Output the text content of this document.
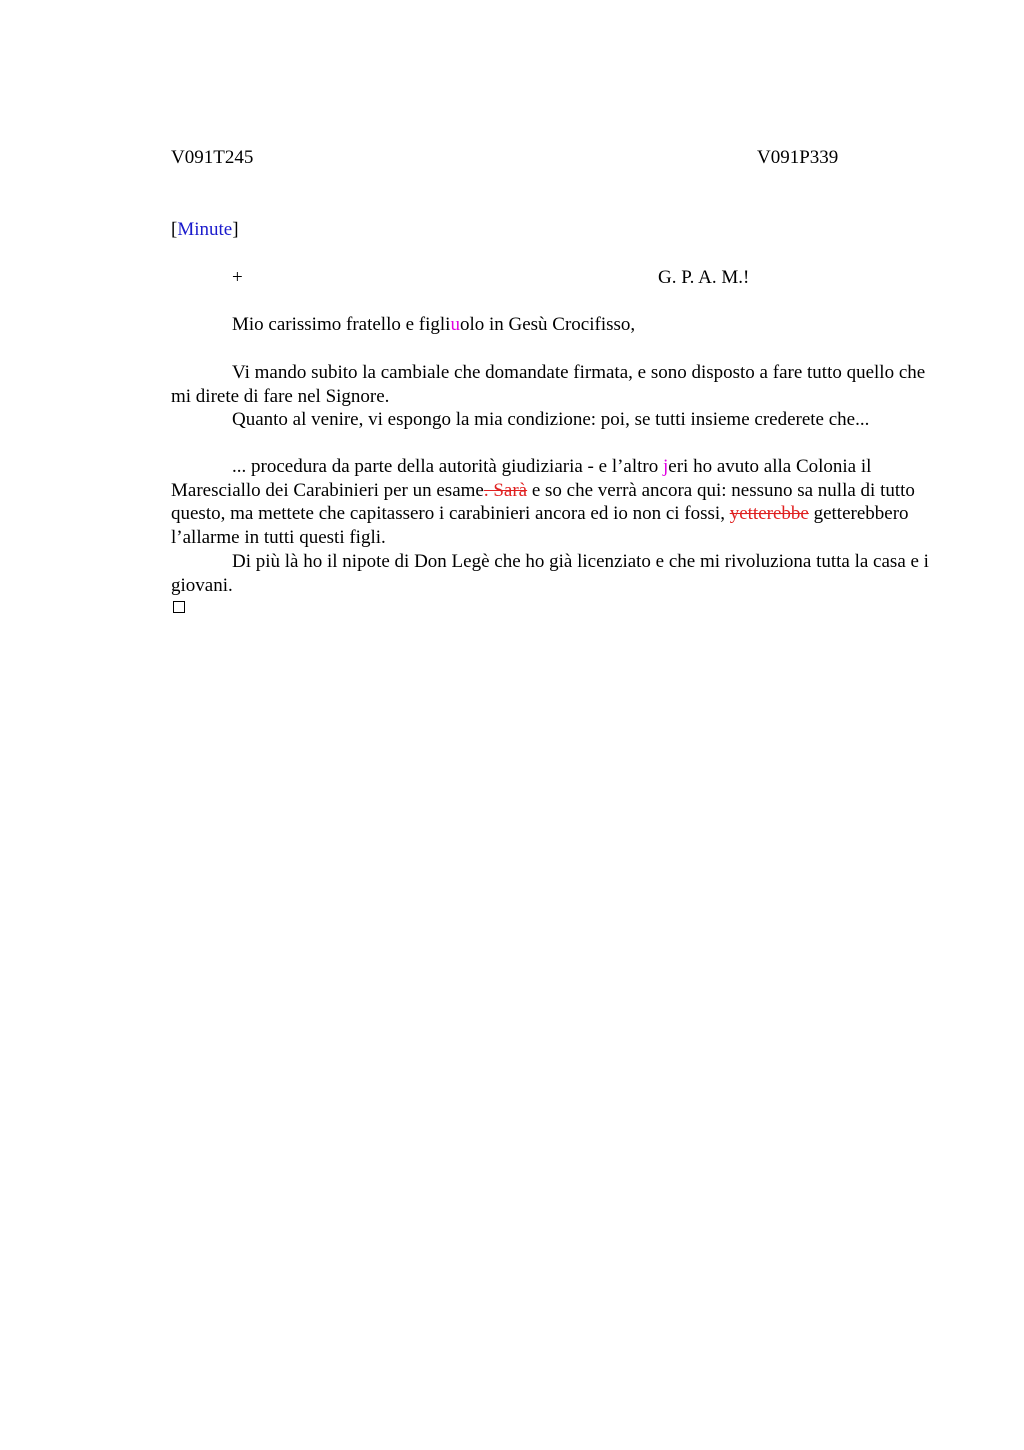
V091T245	V091P339
[Minute]
+	G. P. A. M.!
Mio carissimo fratello e figliuolo in Gesù Crocifisso,
Vi mando subito la cambiale che domandate firmata, e sono disposto a fare tutto quello che mi direte di fare nel Signore.
Quanto al venire, vi espongo la mia condizione: poi, se tutti insieme crederete che...
... procedura da parte della autorità giudiziaria - e l’altro jeri ho avuto alla Colonia il Maresciallo dei Carabinieri per un esame. Sarà e so che verrà ancora qui: nessuno sa nulla di tutto questo, ma mettete che capitassero i carabinieri ancora ed io non ci fossi, yetterebbe getterebbero l’allarme in tutti questi figli.
Di più là ho il nipote di Don Legè che ho già licenziato e che mi rivoluziona tutta la casa e i giovani.
